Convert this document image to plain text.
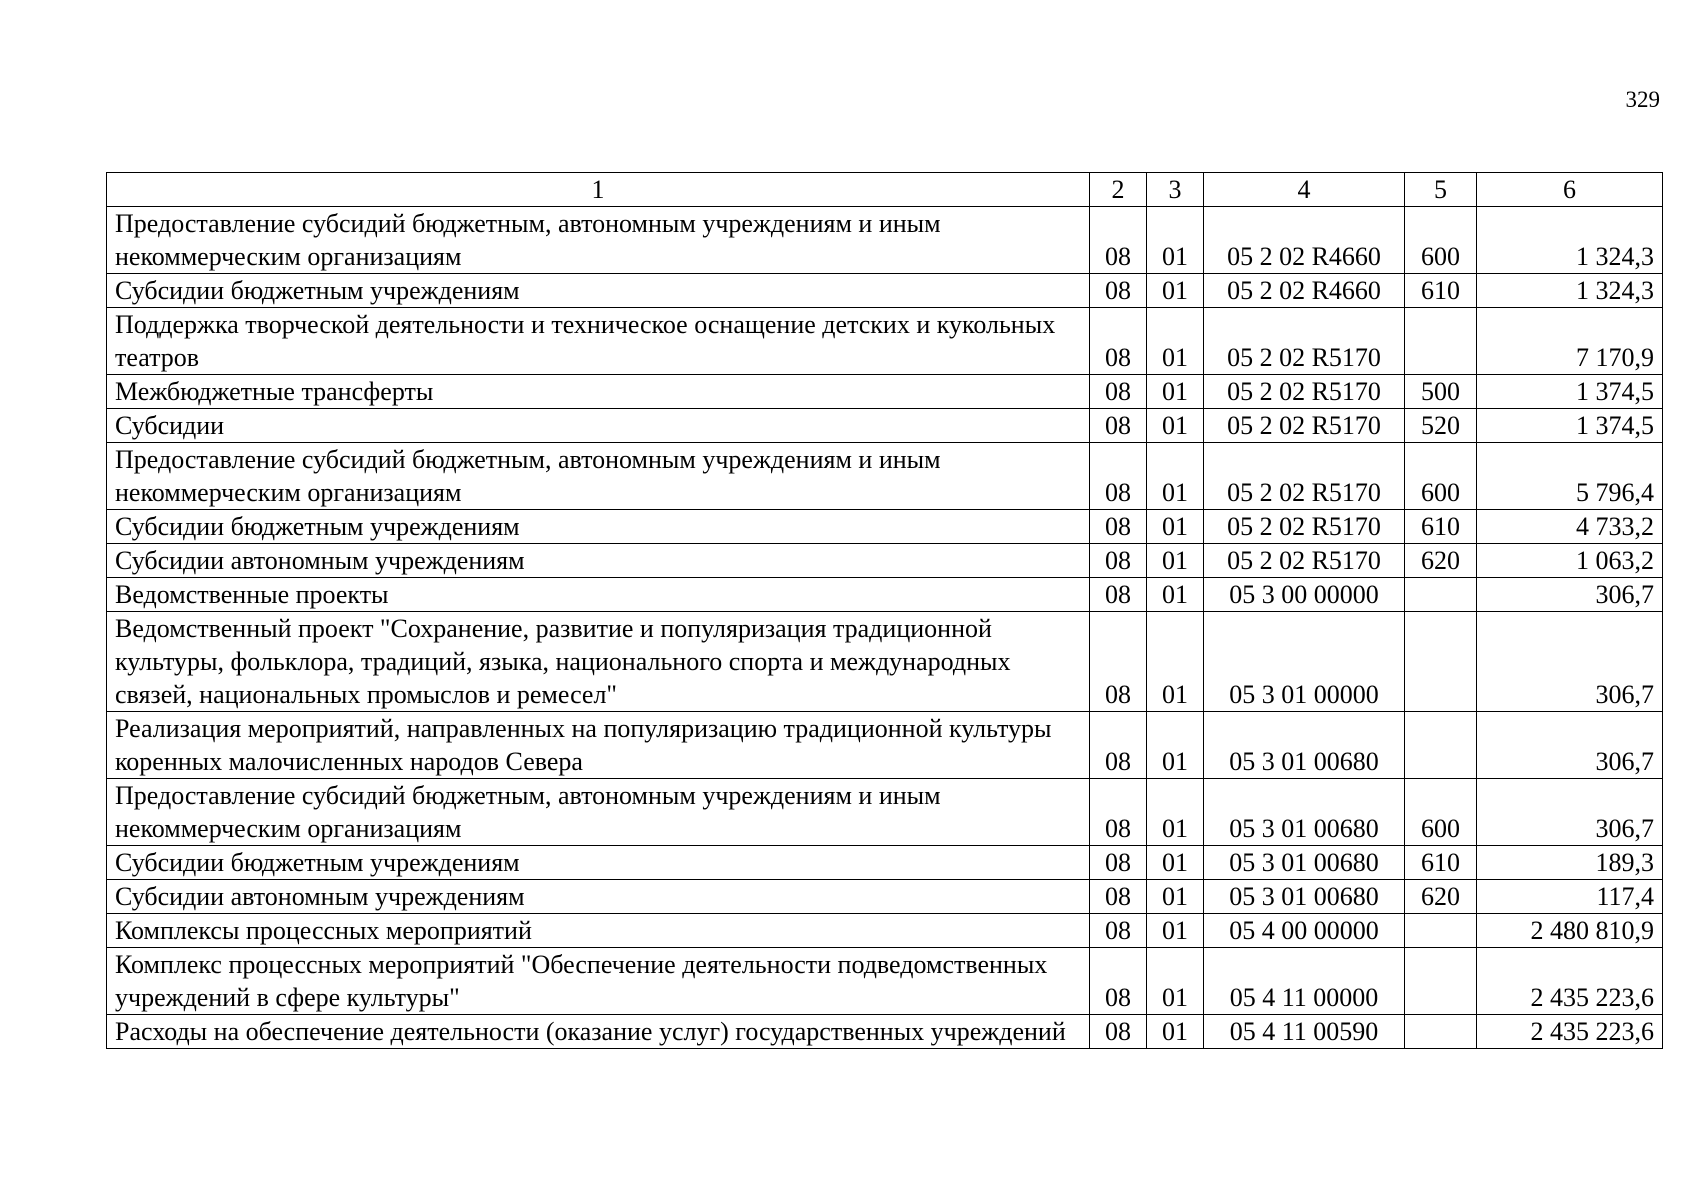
329
1	2	3	4	5	6
Предоставление субсидий бюджетным, автономным учреждениям и иным некоммерческим организациям	08	01	05 2 02 R4660	600	1 324,3
Субсидии бюджетным учреждениям	08	01	05 2 02 R4660	610	1 324,3
Поддержка творческой деятельности и техническое оснащение детских и кукольных театров	08	01	05 2 02 R5170		7 170,9
Межбюджетные трансферты	08	01	05 2 02 R5170	500	1 374,5
Субсидии	08	01	05 2 02 R5170	520	1 374,5
Предоставление субсидий бюджетным, автономным учреждениям и иным некоммерческим организациям	08	01	05 2 02 R5170	600	5 796,4
Субсидии бюджетным учреждениям	08	01	05 2 02 R5170	610	4 733,2
Субсидии автономным учреждениям	08	01	05 2 02 R5170	620	1 063,2
Ведомственные проекты	08	01	05 3 00 00000		306,7
Ведомственный проект "Сохранение, развитие и популяризация традиционной культуры, фольклора, традиций, языка, национального спорта и международных связей, национальных промыслов и ремесел"	08	01	05 3 01 00000		306,7
Реализация мероприятий, направленных на популяризацию традиционной культуры коренных малочисленных народов Севера	08	01	05 3 01 00680		306,7
Предоставление субсидий бюджетным, автономным учреждениям и иным некоммерческим организациям	08	01	05 3 01 00680	600	306,7
Субсидии бюджетным учреждениям	08	01	05 3 01 00680	610	189,3
Субсидии автономным учреждениям	08	01	05 3 01 00680	620	117,4
Комплексы процессных мероприятий	08	01	05 4 00 00000		2 480 810,9
Комплекс процессных мероприятий "Обеспечение деятельности подведомственных учреждений в сфере культуры"	08	01	05 4 11 00000		2 435 223,6
Расходы на обеспечение деятельности (оказание услуг) государственных учреждений	08	01	05 4 11 00590		2 435 223,6
